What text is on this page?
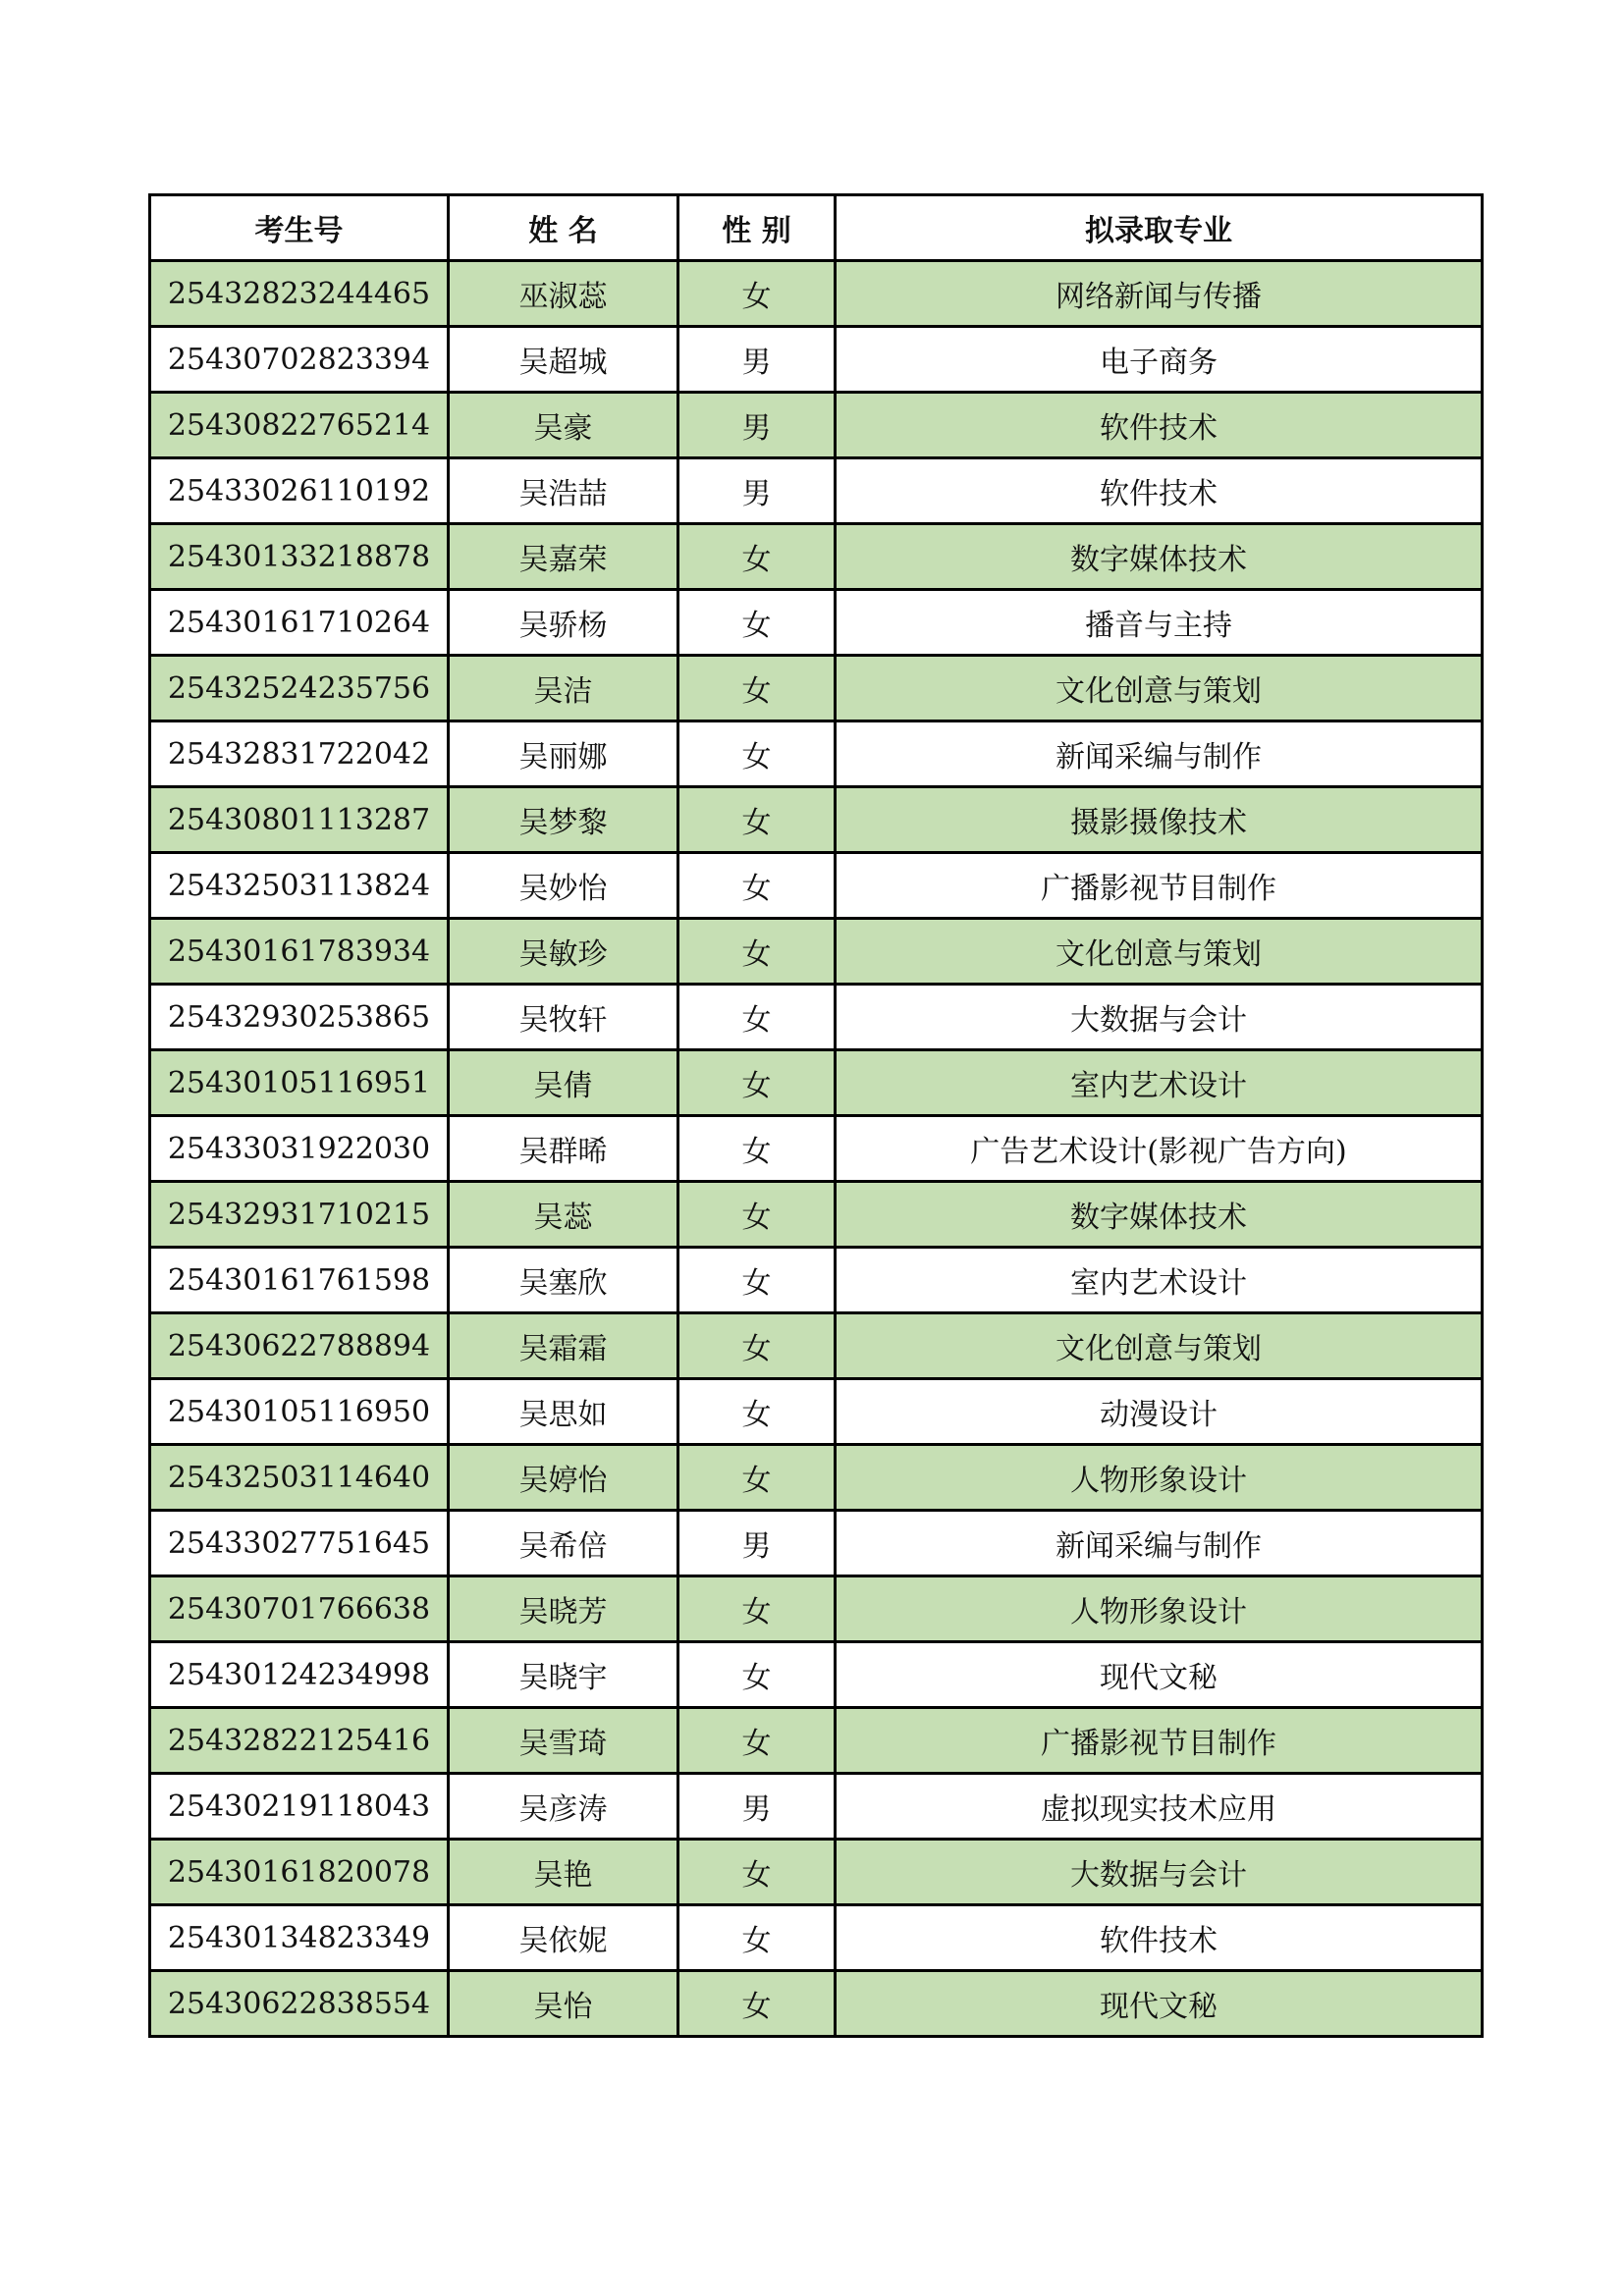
考生号	姓 名	性 别	拟录取专业
25432823244465	巫淑蕊	女	网络新闻与传播
25430702823394	吴超城	男	电子商务
25430822765214	吴豪	男	软件技术
25433026110192	吴浩喆	男	软件技术
25430133218878	吴嘉荣	女	数字媒体技术
25430161710264	吴骄杨	女	播音与主持
25432524235756	吴洁	女	文化创意与策划
25432831722042	吴丽娜	女	新闻采编与制作
25430801113287	吴梦黎	女	摄影摄像技术
25432503113824	吴妙怡	女	广播影视节目制作
25430161783934	吴敏珍	女	文化创意与策划
25432930253865	吴牧轩	女	大数据与会计
25430105116951	吴倩	女	室内艺术设计
25433031922030	吴群晞	女	广告艺术设计(影视广告方向)
25432931710215	吴蕊	女	数字媒体技术
25430161761598	吴塞欣	女	室内艺术设计
25430622788894	吴霜霜	女	文化创意与策划
25430105116950	吴思如	女	动漫设计
25432503114640	吴婷怡	女	人物形象设计
25433027751645	吴希倍	男	新闻采编与制作
25430701766638	吴晓芳	女	人物形象设计
25430124234998	吴晓宇	女	现代文秘
25432822125416	吴雪琦	女	广播影视节目制作
25430219118043	吴彦涛	男	虚拟现实技术应用
25430161820078	吴艳	女	大数据与会计
25430134823349	吴依妮	女	软件技术
25430622838554	吴怡	女	现代文秘
